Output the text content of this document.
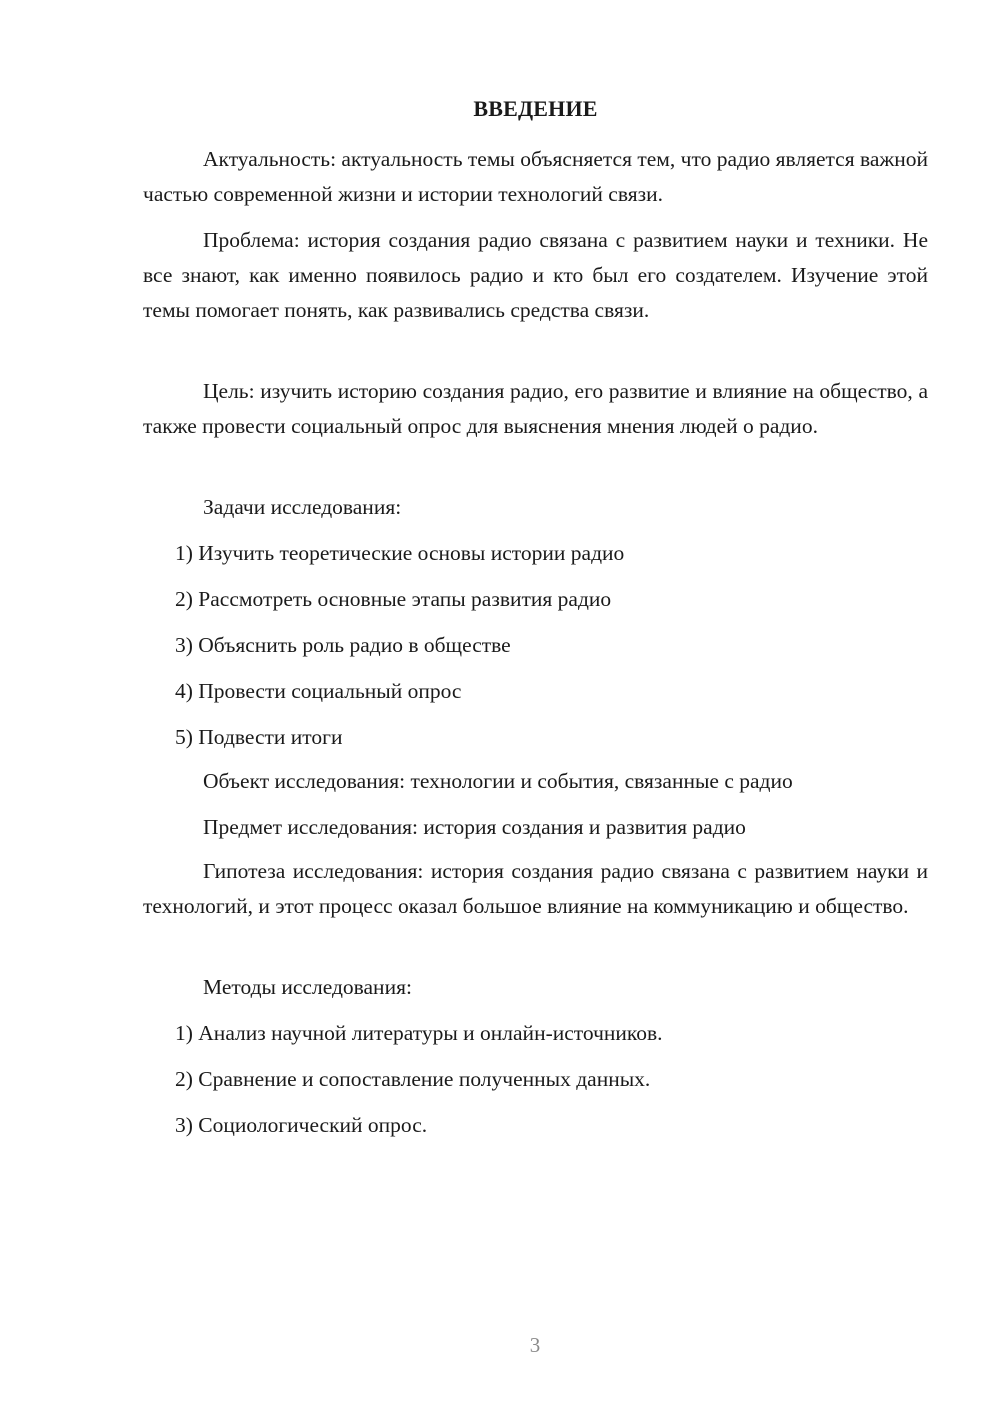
ВВЕДЕНИЕ

Актуальность: актуальность темы объясняется тем, что радио является важной частью современной жизни и истории технологий связи.

Проблема: история создания радио связана с развитием науки и техники. Не все знают, как именно появилось радио и кто был его создателем. Изучение этой темы помогает понять, как развивались средства связи.

Цель: изучить историю создания радио, его развитие и влияние на общество, а также провести социальный опрос для выяснения мнения людей о радио.

Задачи исследования:

1) Изучить теоретические основы истории радио

2) Рассмотреть основные этапы развития радио

3) Объяснить роль радио в обществе

4) Провести социальный опрос

5) Подвести итоги

Объект исследования: технологии и события, связанные с радио

Предмет исследования: история создания и развития радио

Гипотеза исследования: история создания радио связана с развитием науки и технологий, и этот процесс оказал большое влияние на коммуникацию и общество.

Методы исследования:

1) Анализ научной литературы и онлайн-источников.

2) Сравнение и сопоставление полученных данных.

3) Социологический опрос.

3
